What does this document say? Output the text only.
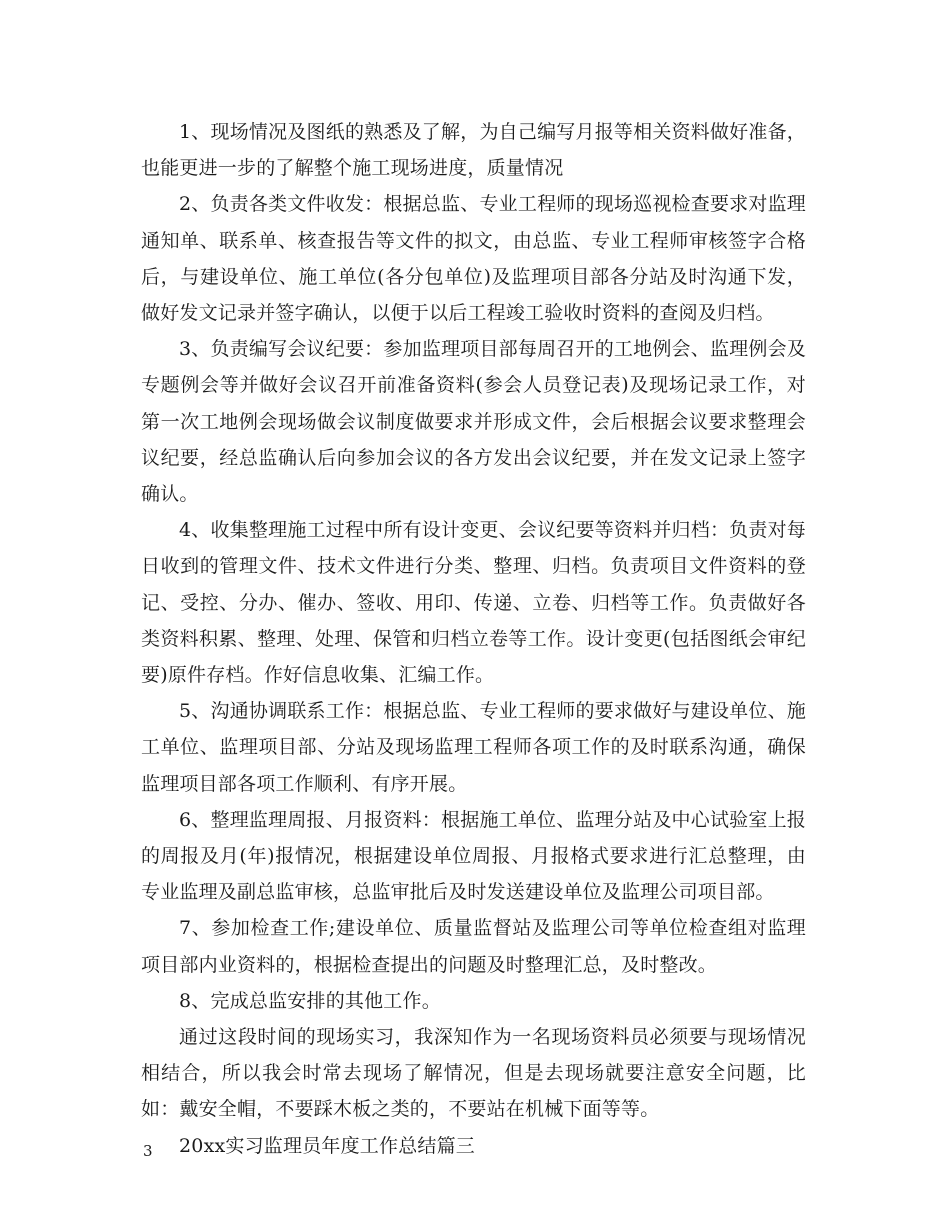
1、现场情况及图纸的熟悉及了解，为自己编写月报等相关资料做好准备，也能更进一步的了解整个施工现场进度，质量情况

2、负责各类文件收发：根据总监、专业工程师的现场巡视检查要求对监理通知单、联系单、核查报告等文件的拟文，由总监、专业工程师审核签字合格后，与建设单位、施工单位(各分包单位)及监理项目部各分站及时沟通下发，做好发文记录并签字确认，以便于以后工程竣工验收时资料的查阅及归档。

3、负责编写会议纪要：参加监理项目部每周召开的工地例会、监理例会及专题例会等并做好会议召开前准备资料(参会人员登记表)及现场记录工作，对第一次工地例会现场做会议制度做要求并形成文件，会后根据会议要求整理会议纪要，经总监确认后向参加会议的各方发出会议纪要，并在发文记录上签字确认。

4、收集整理施工过程中所有设计变更、会议纪要等资料并归档：负责对每日收到的管理文件、技术文件进行分类、整理、归档。负责项目文件资料的登记、受控、分办、催办、签收、用印、传递、立卷、归档等工作。负责做好各类资料积累、整理、处理、保管和归档立卷等工作。设计变更(包括图纸会审纪要)原件存档。作好信息收集、汇编工作。

5、沟通协调联系工作：根据总监、专业工程师的要求做好与建设单位、施工单位、监理项目部、分站及现场监理工程师各项工作的及时联系沟通，确保监理项目部各项工作顺利、有序开展。

6、整理监理周报、月报资料：根据施工单位、监理分站及中心试验室上报的周报及月(年)报情况，根据建设单位周报、月报格式要求进行汇总整理，由专业监理及副总监审核，总监审批后及时发送建设单位及监理公司项目部。

7、参加检查工作;建设单位、质量监督站及监理公司等单位检查组对监理项目部内业资料的，根据检查提出的问题及时整理汇总，及时整改。

8、完成总监安排的其他工作。

通过这段时间的现场实习，我深知作为一名现场资料员必须要与现场情况相结合，所以我会时常去现场了解情况，但是去现场就要注意安全问题，比如：戴安全帽，不要踩木板之类的，不要站在机械下面等等。

20xx实习监理员年度工作总结篇三

3
